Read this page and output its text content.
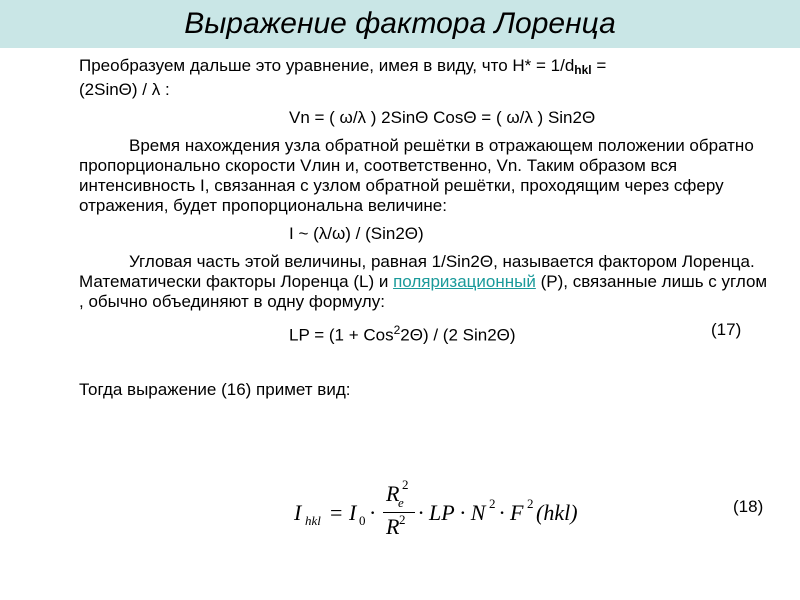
Выражение фактора Лоренца

Преобразуем дальше это уравнение, имея в виду, что $H* = 1/d_{hkl}$ =
(2SinΘ) / λ :

Vn = ( ω/λ ) 2SinΘ CosΘ = ( ω/λ ) Sin2Θ

Время нахождения узла обратной решётки в отражающем положении обратно пропорционально скорости Vлин и, соответственно, Vn. Таким образом вся интенсивность I, связанная с узлом обратной решётки, проходящим через сферу отражения, будет пропорциональна величине:

I ~ (λ/ω) / (Sin2Θ)

Угловая часть этой величины, равная 1/Sin2Θ, называется фактором Лоренца. Математически факторы Лоренца (L) и поляризационный (P), связанные лишь с углом , обычно объединяют в одну формулу:

LP = (1 + Cos$^2$2Θ) / (2 Sin2Θ)	(17)

Тогда выражение (16) примет вид:

I hkl = I 0 ·
R
e
2
R 2 · LP · N 2 · F 2 (hkl)	(18)
